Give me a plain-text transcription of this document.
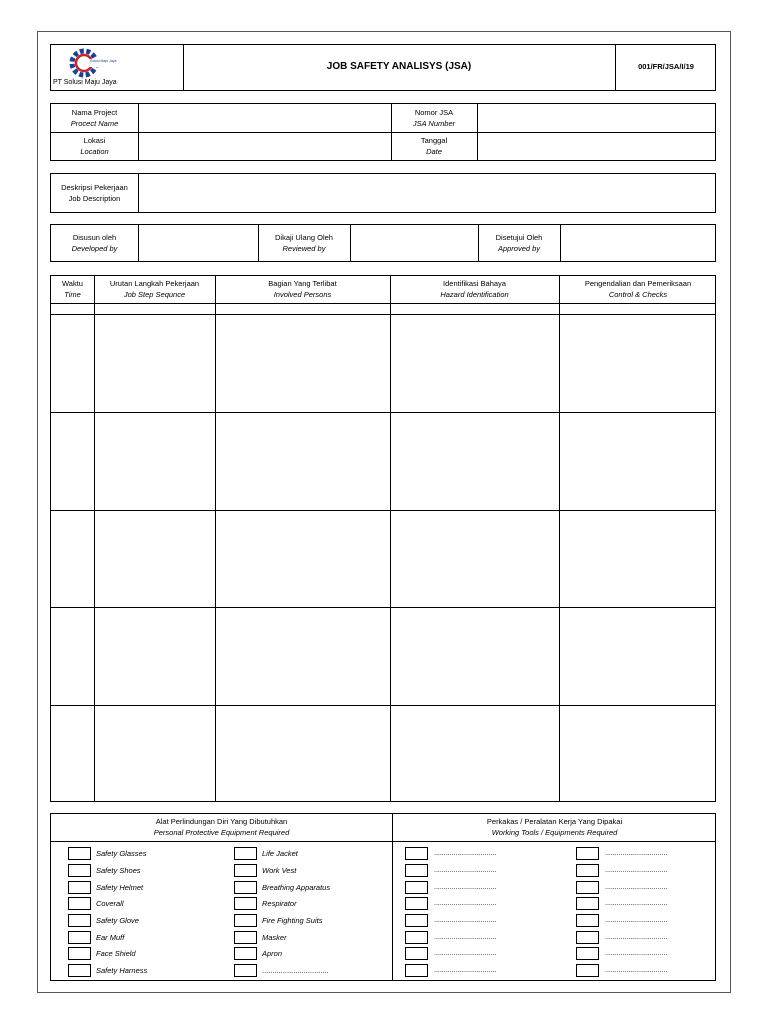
Solusi Maju Jaya
PT Solusi Maju Jaya
JOB SAFETY ANALISYS (JSA)	001/FR/JSA/I/19
Nama Project
Procect Name
Lokasi
Location
Nomor JSA
JSA Number
Tanggal
Date
Deskripsi Pekerjaan
Job Description
Disusun oleh
Developed by
Dikaji Ulang Oleh
Reviewed by
Disetujui Oleh
Approved by
Waktu
Time
Urutan Langkah Pekerjaan
Job Step Sequnce
Bagian Yang Terlibat
Involved Persons
Identifikasi Bahaya
Hazard Identification
Pengendalian dan Pemeriksaan
Control & Checks
Alat Perlindungan Diri Yang Dibutuhkan
Personal Protective Equipment Required
Perkakas / Peralatan Kerja Yang Dipakai
Working Tools / Equipments Required
Safety Glasses
Safety Shoes
Safety Helmet
Coverall
Safety Glove
Ear Muff
Face Shield
Safety Harness
Life Jacket
Work Vest
Breathing Apparatus
Respirator
Fire Fighting Suits
Masker
Apron
................................
................................
................................
................................
................................
................................
................................
................................
................................
................................
................................
................................
................................
................................
................................
................................
................................
